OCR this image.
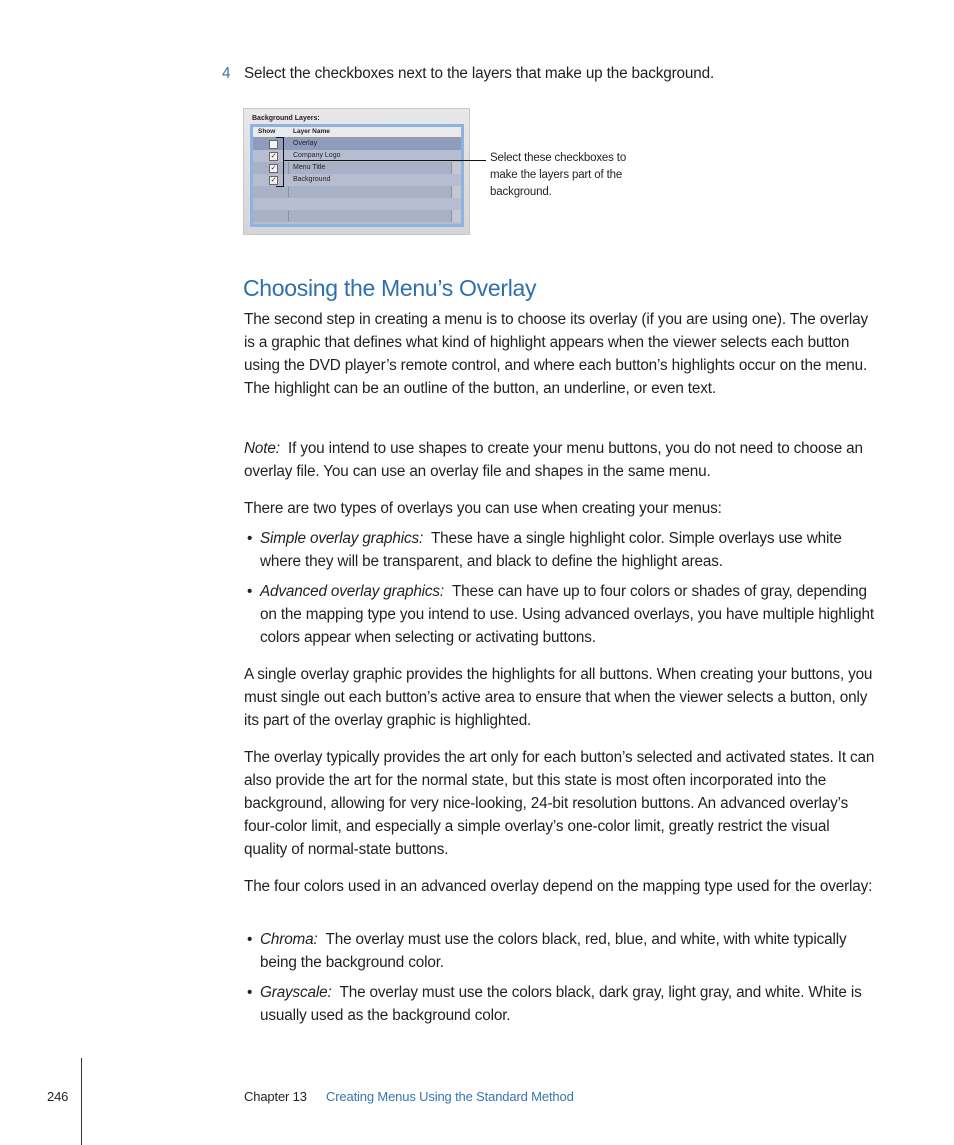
4 Select the checkboxes next to the layers that make up the background.

Background Layers:
Show	Layer Name
Overlay
✓ Company Logo
✓ Menu Title
✓ Background
Select these checkboxes to make the layers part of the background.
Choosing the Menu’s Overlay

The second step in creating a menu is to choose its overlay (if you are using one). The overlay is a graphic that defines what kind of highlight appears when the viewer selects each button using the DVD player’s remote control, and where each button’s highlights occur on the menu. The highlight can be an outline of the button, an underline, or even text.

Note: If you intend to use shapes to create your menu buttons, you do not need to choose an overlay file. You can use an overlay file and shapes in the same menu.

There are two types of overlays you can use when creating your menus:

• Simple overlay graphics: These have a single highlight color. Simple overlays use white where they will be transparent, and black to define the highlight areas.
• Advanced overlay graphics: These can have up to four colors or shades of gray, depending on the mapping type you intend to use. Using advanced overlays, you have multiple highlight colors appear when selecting or activating buttons.

A single overlay graphic provides the highlights for all buttons. When creating your buttons, you must single out each button’s active area to ensure that when the viewer selects a button, only its part of the overlay graphic is highlighted.

The overlay typically provides the art only for each button’s selected and activated states. It can also provide the art for the normal state, but this state is most often incorporated into the background, allowing for very nice-looking, 24-bit resolution buttons. An advanced overlay’s four-color limit, and especially a simple overlay’s one-color limit, greatly restrict the visual quality of normal-state buttons.

The four colors used in an advanced overlay depend on the mapping type used for the overlay:

• Chroma: The overlay must use the colors black, red, blue, and white, with white typically being the background color.
• Grayscale: The overlay must use the colors black, dark gray, light gray, and white. White is usually used as the background color.
246	Chapter 13 Creating Menus Using the Standard Method
